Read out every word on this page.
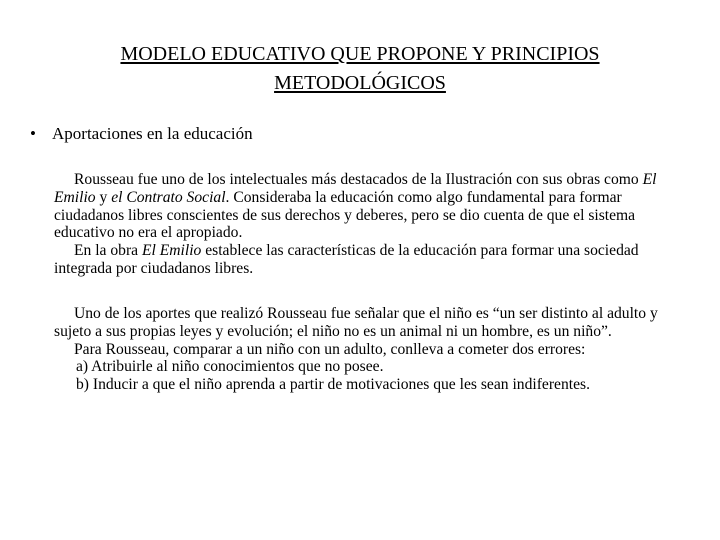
MODELO EDUCATIVO QUE PROPONE Y PRINCIPIOS
METODOLÓGICOS
• Aportaciones en la educación

Rousseau fue uno de los intelectuales más destacados de la Ilustración con sus obras como El Emilio y el Contrato Social. Consideraba la educación como algo fundamental para formar ciudadanos libres conscientes de sus derechos y deberes, pero se dio cuenta de que el sistema educativo no era el apropiado.

En la obra El Emilio establece las características de la educación para formar una sociedad integrada por ciudadanos libres.

Uno de los aportes que realizó Rousseau fue señalar que el niño es “un ser distinto al adulto y sujeto a sus propias leyes y evolución; el niño no es un animal ni un hombre, es un niño”.

Para Rousseau, comparar a un niño con un adulto, conlleva a cometer dos errores:

a) Atribuirle al niño conocimientos que no posee.

b) Inducir a que el niño aprenda a partir de motivaciones que les sean indiferentes.
